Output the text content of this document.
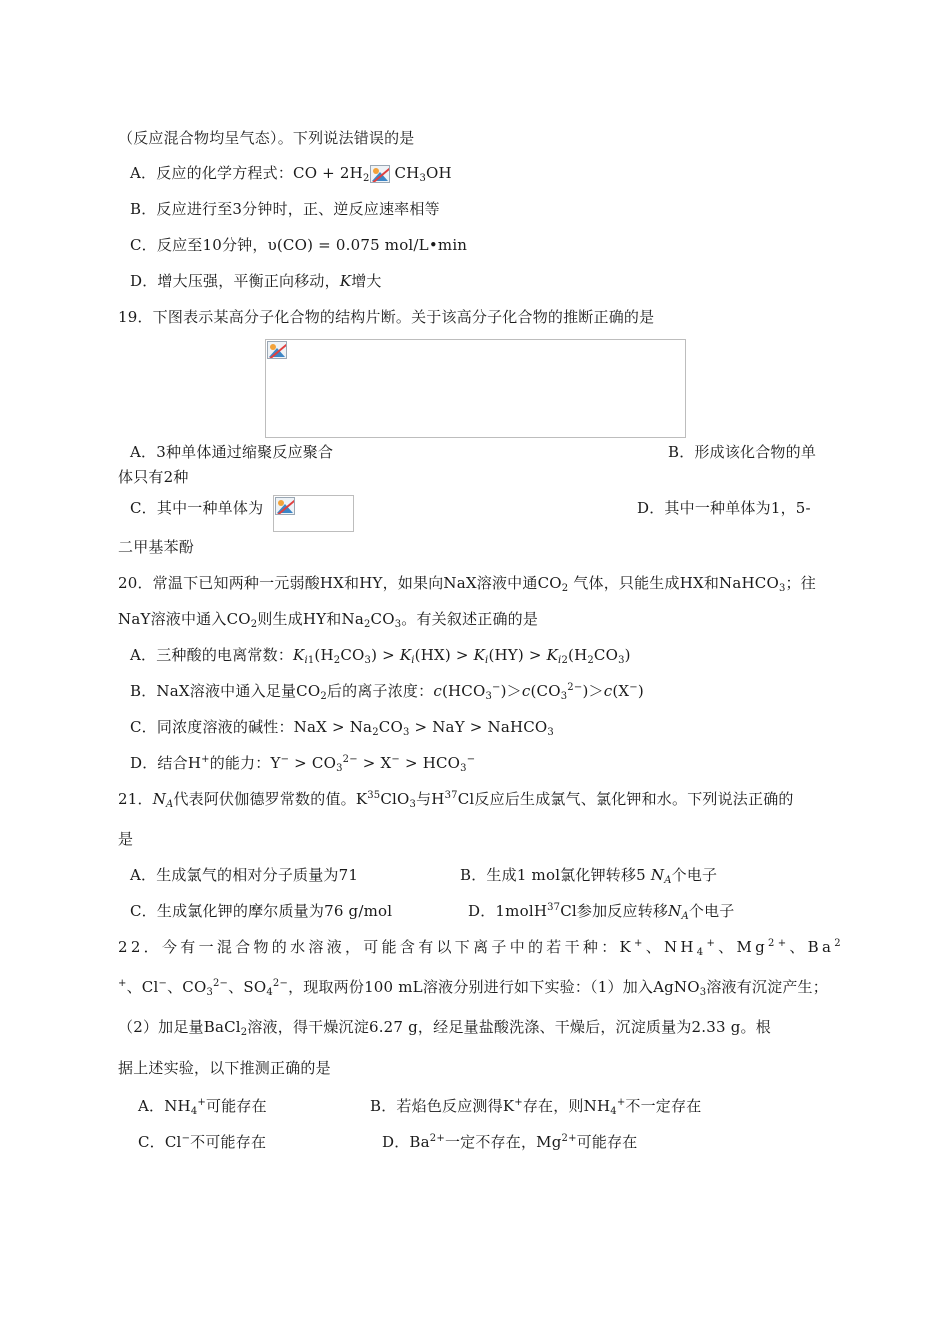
（反应混合物均呈气态）。下列说法错误的是
A．反应的化学方程式：CO + $2H_2$
$CH_3OH$
B．反应进行至3分钟时，正、逆反应速率相等
C．反应至10分钟，υ(CO) = 0.075 mol/L•min
D．增大压强，平衡正向移动，K增大
19．下图表示某高分子化合物的结构片断。关于该高分子化合物的推断正确的是
A．3种单体通过缩聚反应聚合	B．形成该化合物的单
体只有2种
C．其中一种单体为	D．其中一种单体为1，5-
二甲基苯酚
20．常温下已知两种一元弱酸HX和HY，如果向NaX溶液中通$CO_2$ 气体，只能生成HX和NaHCO$_3$；往
NaY溶液中通入$CO_2$则生成HY和$Na_2CO_3$。有关叙述正确的是
A．三种酸的电离常数：$K_{i1}(H_2CO_3) > K_i(HX) > K_i(HY) > K_{i2}(H_2CO_3)$
B．NaX溶液中通入足量$CO_2$后的离子浓度：$c(HCO_3^-)>c(CO_3^{2-})>c(X^-)$
C．同浓度溶液的碱性：NaX > $Na_2CO_3$ > NaY > NaHCO$_3$
D．结合H+的能力：$Y^- > CO_3^{2-} > X^- > HCO_3^-$
21．$N_A$代表阿伏伽德罗常数的值。$K^{35}ClO_3$与$H^{37}Cl$反应后生成氯气、氯化钾和水。下列说法正确的
是
A．生成氯气的相对分子质量为71	B．生成1 mol氯化钾转移5 $N_A$个电子
C．生成氯化钾的摩尔质量为76 g/mol	D．1molH$^{37}$Cl参加反应转移$N_A$个电子
22．今有一混合物的水溶液，可能含有以下离子中的若干种：K+、$NH_4^+$、$Mg^{2+}$、Ba$^2$
+、Cl−、$CO_3^{2-}$、$SO_4^{2-}$，现取两份100 mL溶液分别进行如下实验：（1）加入AgNO$_3$溶液有沉淀产生；
（2）加足量BaCl$_2$溶液，得干燥沉淀6.27 g，经足量盐酸洗涤、干燥后，沉淀质量为2.33 g。根
据上述实验，以下推测正确的是
A．$NH_4^+$可能存在	B．若焰色反应测得K+存在，则$NH_4^+$不一定存在
C．Cl−不可能存在	D．$Ba^{2+}$一定不存在，$Mg^{2+}$可能存在
